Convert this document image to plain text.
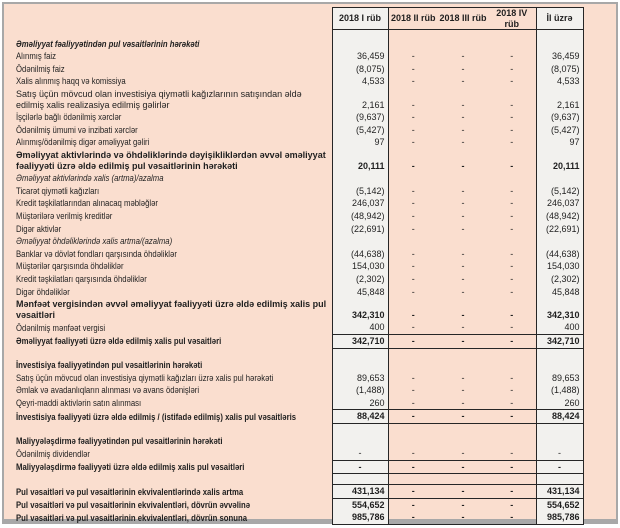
	2018 I rüb	2018 II rüb	2018 III rüb	2018 IV rüb	İl üzrə	
Əməliyyat fəaliyyətindən pul vəsaitlərinin hərəkəti						
Alınmış faiz	36,459	-	-	-	36,459	
Ödənilmiş faiz	(8,075)	-	-	-	(8,075)	
Xalis alınmış haqq və komissiya	4,533	-	-	-	4,533	
Satış üçün mövcud olan investisiya qiymətli kağızlarının satışından əldə edilmiş xalis realizasiya edilmiş gəlirlər	2,161	-	-	-	2,161	
İşçilərlə bağlı ödənilmiş xərclər	(9,637)	-	-	-	(9,637)	
Ödənilmiş ümumi və inzibati xərclər	(5,427)	-	-	-	(5,427)	
Alınmış/ödənilmiş digər əməliyyat gəliri	97	-	-	-	97	
Əməliyyat aktivlərində və öhdəliklərində dəyişikliklərdən əvvəl əməliyyat fəaliyyəti üzrə əldə edilmiş pul vəsaitlərinin hərəkəti	20,111	-	-	-	20,111	
Əməliyyat aktivlərində xalis (artma)/azalma						
Ticarət qiymətli kağızları	(5,142)	-	-	-	(5,142)	
Kredit təşkilatlarından alınacaq məbləğlər	246,037	-	-	-	246,037	
Müştərilərə verilmiş kreditlər	(48,942)	-	-	-	(48,942)	
Digər aktivlər	(22,691)	-	-	-	(22,691)	
Əməliyyat öhdəliklərində xalis artma/(azalma)						
Banklar və dövlət fondları qarşısında öhdəliklər	(44,638)	-	-	-	(44,638)	
Müştərilər qarşısında öhdəliklər	154,030	-	-	-	154,030	
Kredit təşkilatları qarşısında öhdəliklər	(2,302)	-	-	-	(2,302)	
Digər öhdəliklər	45,848	-	-	-	45,848	
Mənfəət vergisindən əvvəl əməliyyat fəaliyyəti üzrə əldə edilmiş xalis pul vəsaitləri	342,310	-	-	-	342,310	
Ödənilmiş mənfəət vergisi	400	-	-	-	400	
Əməliyyat fəaliyyəti üzrə əldə edilmiş xalis pul vəsaitləri	342,710	-	-	-	342,710	

İnvestisiya fəaliyyətindən pul vəsaitlərinin hərəkəti						
Satış üçün mövcud olan investisiya qiymətli kağızları üzrə xalis pul hərəkəti	89,653	-	-	-	89,653	
Əmlak və avadanlıqların alınması və avans ödənişləri	(1,488)	-	-	-	(1,488)	
Qeyri-maddi aktivlərin satın alınması	260	-	-	-	260	
İnvestisiya fəaliyyəti üzrə əldə edilmiş / (istifadə edilmiş) xalis pul vəsaitləris	88,424	-	-	-	88,424	

Maliyyələşdirmə fəaliyyətindən pul vəsaitlərinin hərəkəti						
Ödənilmiş dividendlər	-	-	-	-	-	
Maliyyələşdirmə fəaliyyəti üzrə əldə edilmiş xalis pul vəsaitləri	-	-	-	-	-	

Pul vəsaitləri və pul vəsaitlərinin ekvivalentlərində xalis artma	431,134	-	-	-	431,134	
Pul vəsaitləri və pul vəsaitlərinin ekvivalentləri, dövrün əvvəlinə	554,652	-	-	-	554,652	
Pul vəsaitləri və pul vəsaitlərinin ekvivalentləri, dövrün sonuna	985,786	-	-	-	985,786	
